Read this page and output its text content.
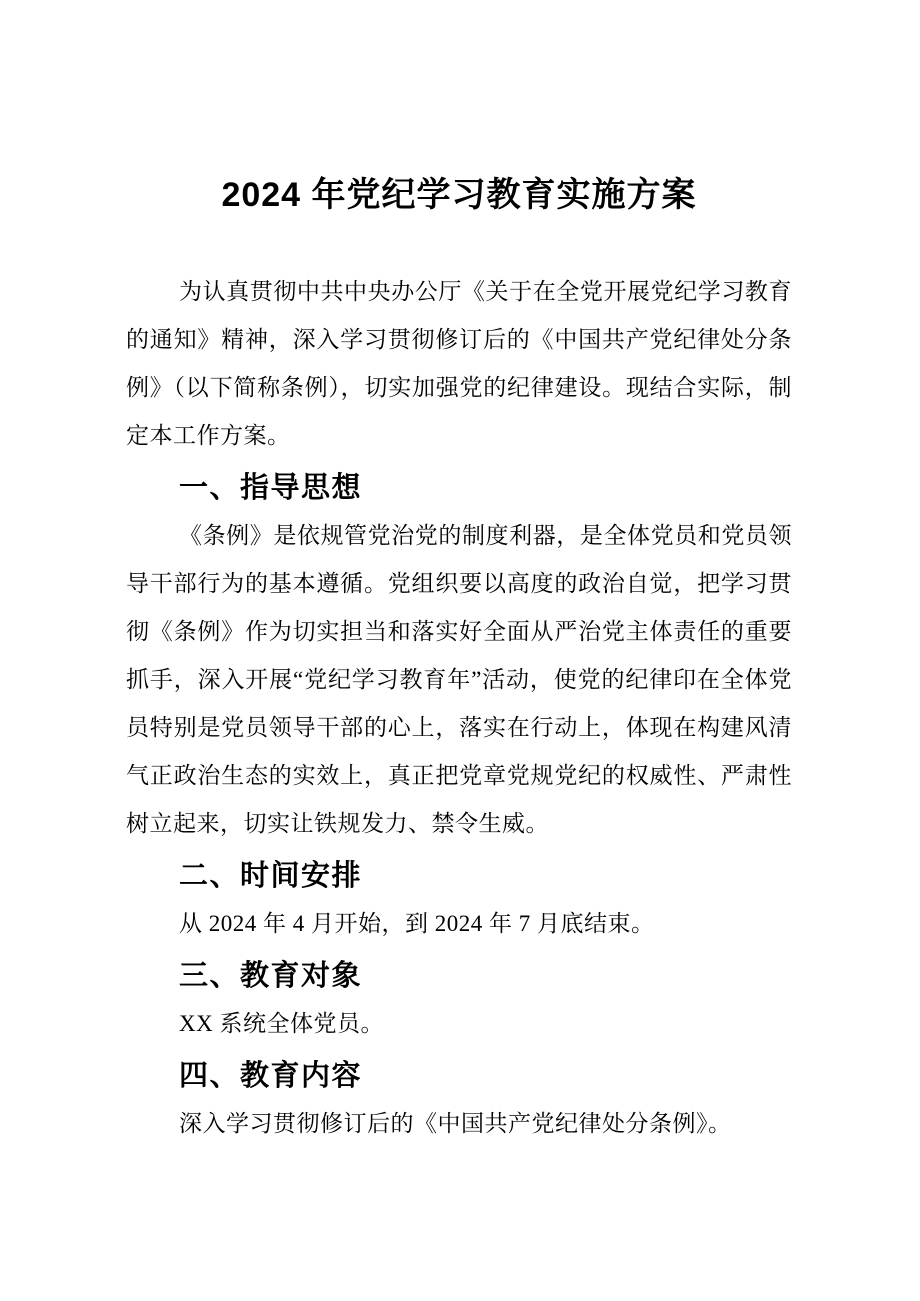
2024 年党纪学习教育实施方案

为认真贯彻中共中央办公厅《关于在全党开展党纪学习教育的通知》精神，深入学习贯彻修订后的《中国共产党纪律处分条例》（以下简称条例），切实加强党的纪律建设。现结合实际，制定本工作方案。

一、指导思想

《条例》是依规管党治党的制度利器，是全体党员和党员领导干部行为的基本遵循。党组织要以高度的政治自觉，把学习贯彻《条例》作为切实担当和落实好全面从严治党主体责任的重要抓手，深入开展“党纪学习教育年”活动，使党的纪律印在全体党员特别是党员领导干部的心上，落实在行动上，体现在构建风清气正政治生态的实效上，真正把党章党规党纪的权威性、严肃性树立起来，切实让铁规发力、禁令生威。

二、时间安排

从 2024 年 4 月开始，到 2024 年 7 月底结束。

三、教育对象

XX 系统全体党员。

四、教育内容

深入学习贯彻修订后的《中国共产党纪律处分条例》。
